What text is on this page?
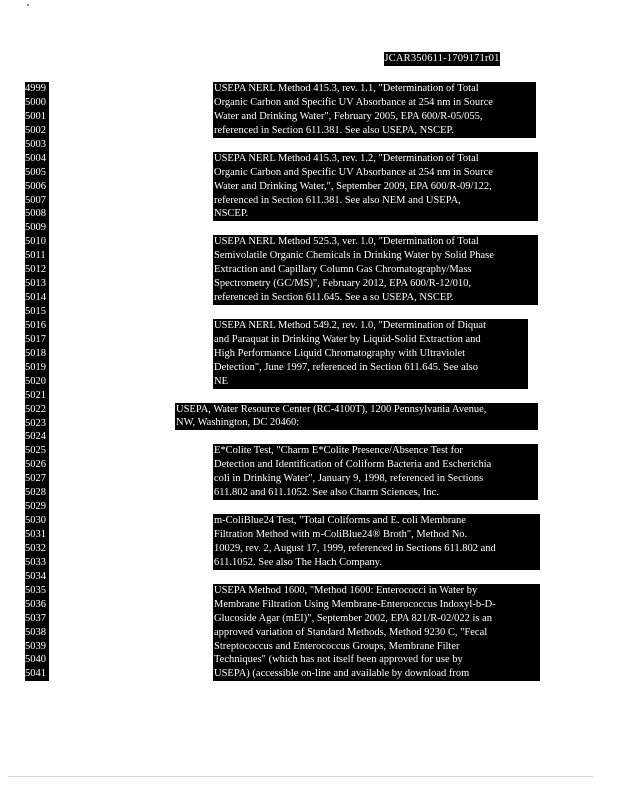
JCAR350611-1709171r01
4999
5000
5001
5002
5003
5004
5005
5006
5007
5008
5009
5010
5011
5012
5013
5014
5015
5016
5017
5018
5019
5020
5021
5022
5023
5024
5025
5026
5027
5028
5029
5030
5031
5032
5033
5034
5035
5036
5037
5038
5039
5040
5041
USEPA NERL Method 415.3, rev. 1.1, "Determination of Total
Organic Carbon and Specific UV Absorbance at 254 nm in Source
Water and Drinking Water", February 2005, EPA 600/R-05/055,
referenced in Section 611.381. See also USEPA, NSCEP.
USEPA NERL Method 415.3, rev. 1.2, "Determination of Total
Organic Carbon and Specific UV Absorbance at 254 nm in Source
Water and Drinking Water,", September 2009, EPA 600/R-09/122,
referenced in Section 611.381. See also NEM and USEPA,
NSCEP.
USEPA NERL Method 525.3, ver. 1.0, "Determination of Total
Semivolatile Organic Chemicals in Drinking Water by Solid Phase
Extraction and Capillary Column Gas Chromatography/Mass
Spectrometry (GC/MS)", February 2012, EPA 600/R-12/010,
referenced in Section 611.645. See a so USEPA, NSCEP.
USEPA NERL Method 549.2, rev. 1.0, "Determination of Diquat
and Paraquat in Drinking Water by Liquid-Solid Extraction and
High Performance Liquid Chromatography with Ultraviolet
Detection", June 1997, referenced in Section 611.645. See also
NE
USEPA, Water Resource Center (RC-4100T), 1200 Pennsylvania Avenue,
NW, Washington, DC 20460:
E*Colite Test, "Charm E*Colite Presence/Absence Test for
Detection and Identification of Coliform Bacteria and Escherichia
coli in Drinking Water", January 9, 1998, referenced in Sections
611.802 and 611.1052. See also Charm Sciences, Inc.
m-ColiBlue24 Test, "Total Coliforms and E. coli Membrane
Filtration Method with m-ColiBlue24® Broth", Method No.
10029, rev. 2, August 17, 1999, referenced in Sections 611.802 and
611.1052. See also The Hach Company.
USEPA Method 1600, "Method 1600: Enterococci in Water by
Membrane Filtration Using Membrane-Enterococcus Indoxyl-b-D-
Glucoside Agar (mEI)", September 2002, EPA 821/R-02/022 is an
approved variation of Standard Methods, Method 9230 C, "Fecal
Streptococcus and Enterococcus Groups, Membrane Filter
Techniques" (which has not itself been approved for use by
USEPA) (accessible on-line and available by download from
